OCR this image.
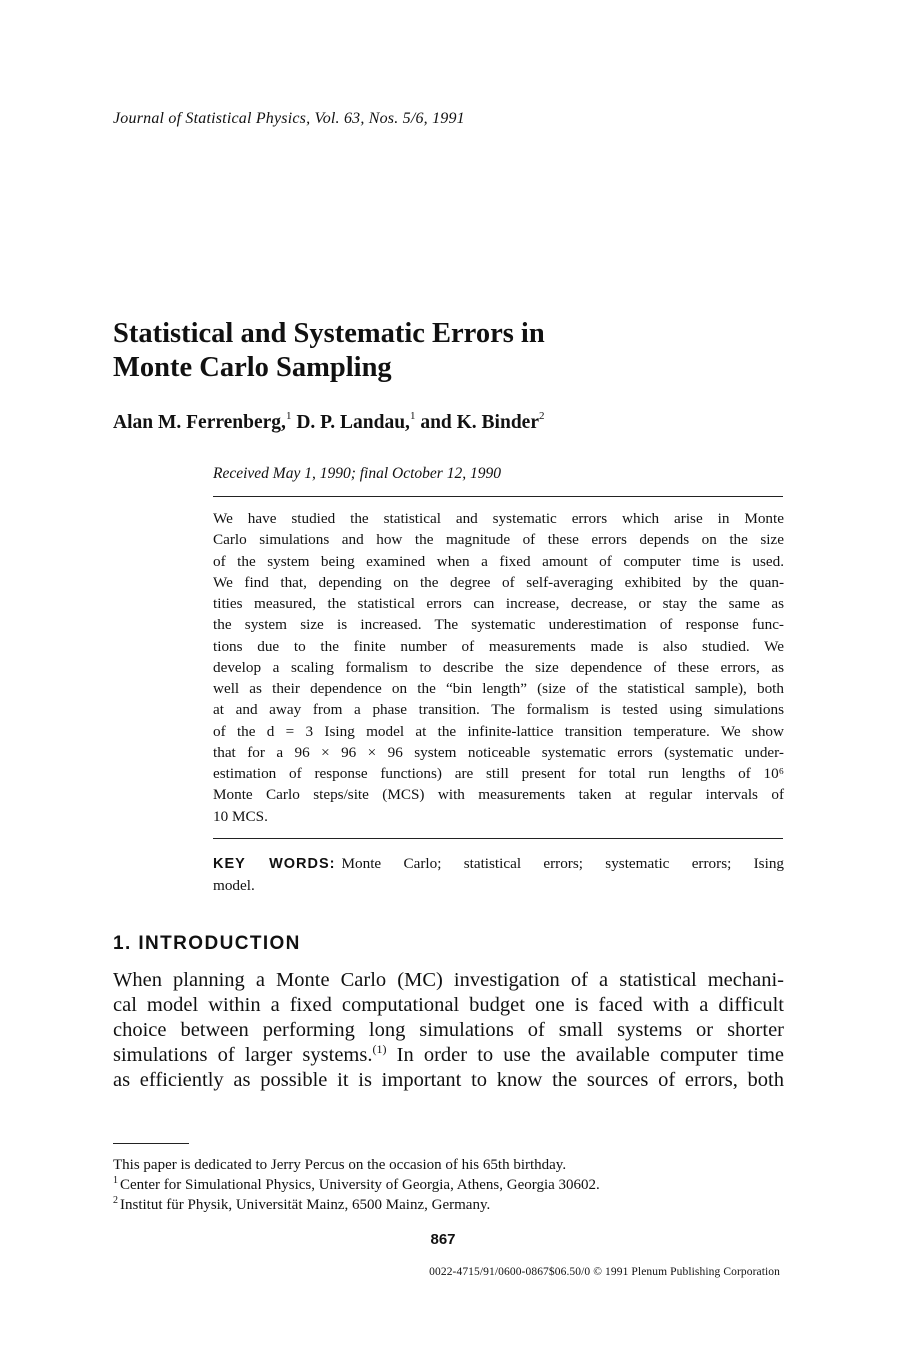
Journal of Statistical Physics, Vol. 63, Nos. 5/6, 1991
Statistical and Systematic Errors in
Monte Carlo Sampling
Alan M. Ferrenberg,$^1$ D. P. Landau,$^1$ and K. Binder$^2$
Received May 1, 1990; final October 12, 1990
We have studied the statistical and systematic errors which arise in Monte
Carlo simulations and how the magnitude of these errors depends on the size
of the system being examined when a fixed amount of computer time is used.
We find that, depending on the degree of self-averaging exhibited by the quan-
tities measured, the statistical errors can increase, decrease, or stay the same as
the system size is increased. The systematic underestimation of response func-
tions due to the finite number of measurements made is also studied. We
develop a scaling formalism to describe the size dependence of these errors, as
well as their dependence on the “bin length” (size of the statistical sample), both
at and away from a phase transition. The formalism is tested using simulations
of the d = 3 Ising model at the infinite-lattice transition temperature. We show
that for a 96 × 96 × 96 system noticeable systematic errors (systematic under-
estimation of response functions) are still present for total run lengths of 10⁶
Monte Carlo steps/site (MCS) with measurements taken at regular intervals of
10 MCS.
KEY WORDS: Monte Carlo; statistical errors; systematic errors; Ising
model.
1. INTRODUCTION
When planning a Monte Carlo (MC) investigation of a statistical mechani-
cal model within a fixed computational budget one is faced with a difficult
choice between performing long simulations of small systems or shorter
simulations of larger systems.$^{(1)}$ In order to use the available computer time
as efficiently as possible it is important to know the sources of errors, both
This paper is dedicated to Jerry Percus on the occasion of his 65th birthday.
$^1$ Center for Simulational Physics, University of Georgia, Athens, Georgia 30602.
$^2$ Institut für Physik, Universität Mainz, 6500 Mainz, Germany.
867
0022-4715/91/0600-0867$06.50/0 © 1991 Plenum Publishing Corporation
